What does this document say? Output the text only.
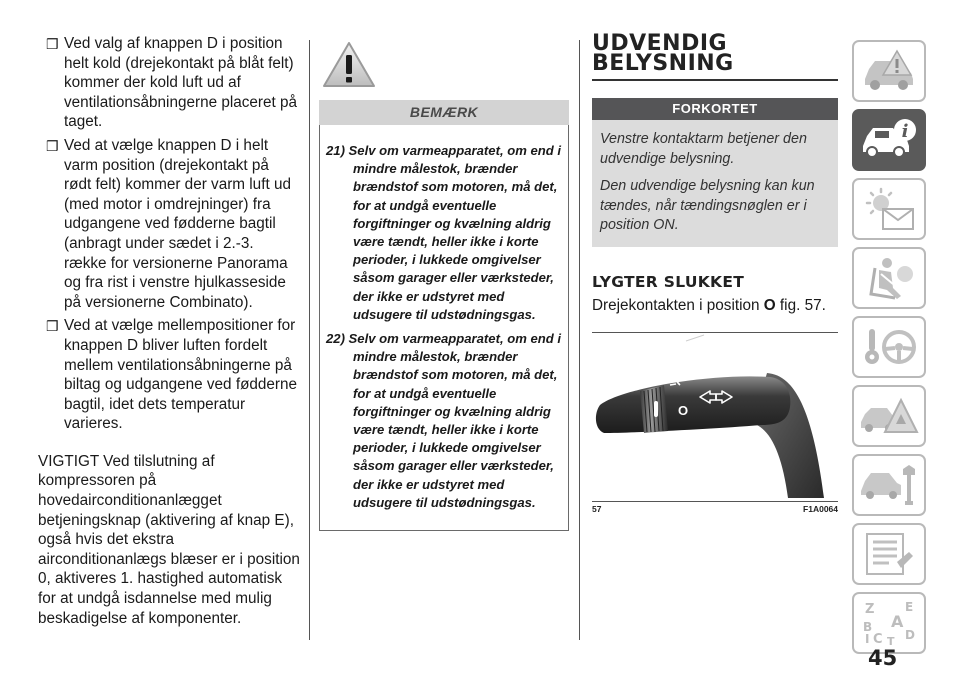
❒ Ved valg af knappen D i position helt kold (drejekontakt på blåt felt) kommer der kold luft ud af ventilationsåbningerne placeret på taget.
❒ Ved at vælge knappen D i helt varm position (drejekontakt på rødt felt) kommer der varm luft ud (med motor i omdrejninger) fra udgangene ved fødderne bagtil (anbragt under sædet i 2.-3. række for versionerne Panorama og fra rist i venstre hjulkasseside på versionerne Combinato).
❒ Ved at vælge mellempositioner for knappen D bliver luften fordelt mellem ventilationsåbningerne på biltag og udgangene ved fødderne bagtil, idet dets temperatur varieres.

VIGTIGT Ved tilslutning af kompressoren på hovedairconditionanlægget betjeningsknap (aktivering af knap E), også hvis det ekstra airconditionanlægs blæser er i position 0, aktiveres 1. hastighed automatisk for at undgå isdannelse med mulig beskadigelse af komponenter.

BEMÆRK

21) Selv om varmeapparatet, om end i mindre målestok, brænder brændstof som motoren, må det, for at undgå eventuelle forgiftninger og kvælning aldrig være tændt, heller ikke i korte perioder, i lukkede omgivelser såsom garager eller værksteder, der ikke er udstyret med udsugere til udstødningsgas.

22) Selv om varmeapparatet, om end i mindre målestok, brænder brændstof som motoren, må det, for at undgå eventuelle forgiftninger og kvælning aldrig være tændt, heller ikke i korte perioder, i lukkede omgivelser såsom garager eller værksteder, der ikke er udstyret med udsugere til udstødningsgas.

UDVENDIG
BELYSNING
FORKORTET

Venstre kontaktarm betjener den udvendige belysning.

Den udvendige belysning kan kun tændes, når tændingsnøglen er i position ON.

LYGTER SLUKKET

Drejekontakten i position O fig. 57.

O
57	F1A0064
i
Z	E
A
B
C D
I T
45
